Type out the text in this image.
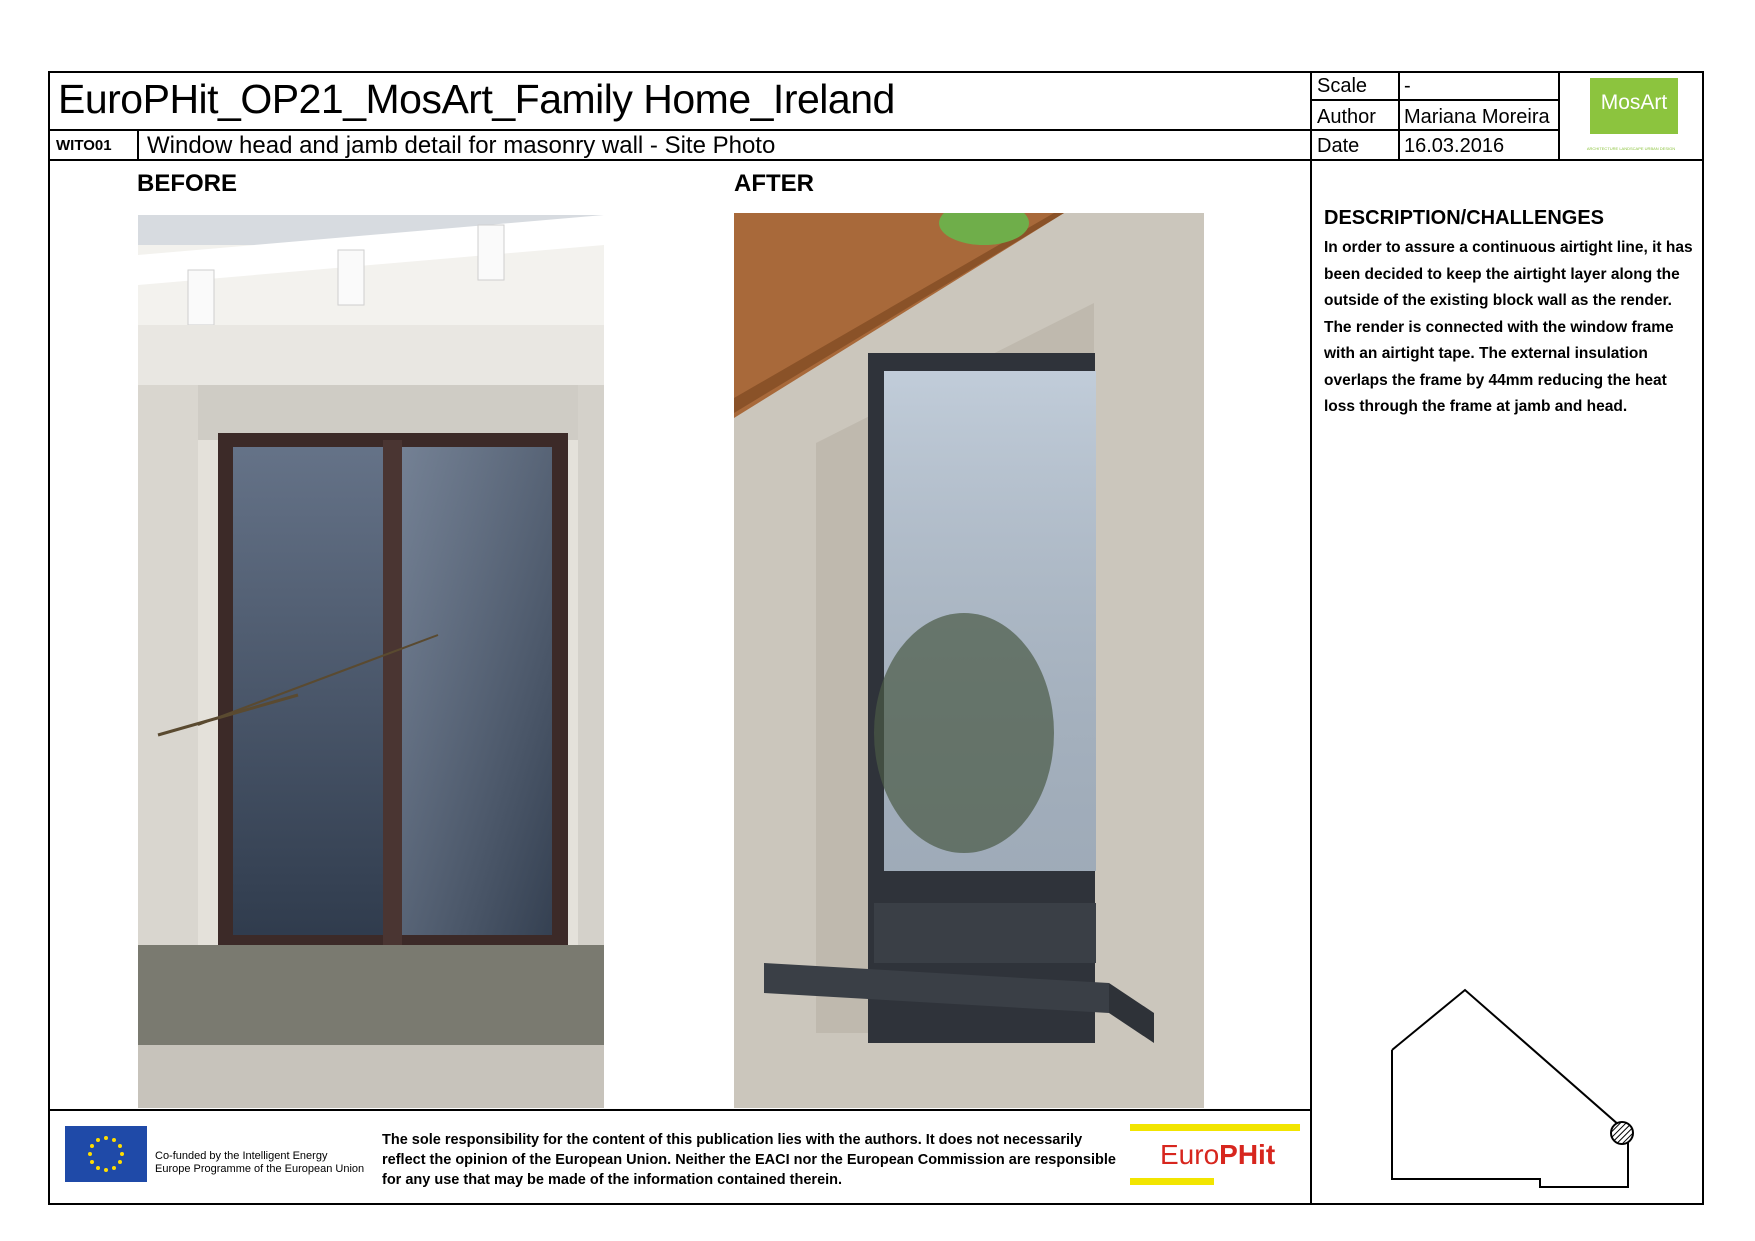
EuroPHit_OP21_MosArt_Family Home_Ireland
WITO01 Window head and jamb detail for masonry wall - Site Photo
Scale -
Author Mariana Moreira
Date 16.03.2016
MosArt
ARCHITECTURE LANDSCAPE URBAN DESIGN
BEFORE	AFTER
DESCRIPTION/CHALLENGES
In order to assure a continuous airtight line, it has been decided to keep the airtight layer along the outside of the existing block wall as the render. The render is connected with the window frame with an airtight tape. The external insulation overlaps the frame by 44mm reducing the heat loss through the frame at jamb and head.
Co-funded by the Intelligent Energy Europe Programme of the European Union
The sole responsibility for the content of this publication lies with the authors. It does not necessarily reflect the opinion of the European Union. Neither the EACI nor the European Commission are responsible for any use that may be made of the information contained therein.
EuroPHit
